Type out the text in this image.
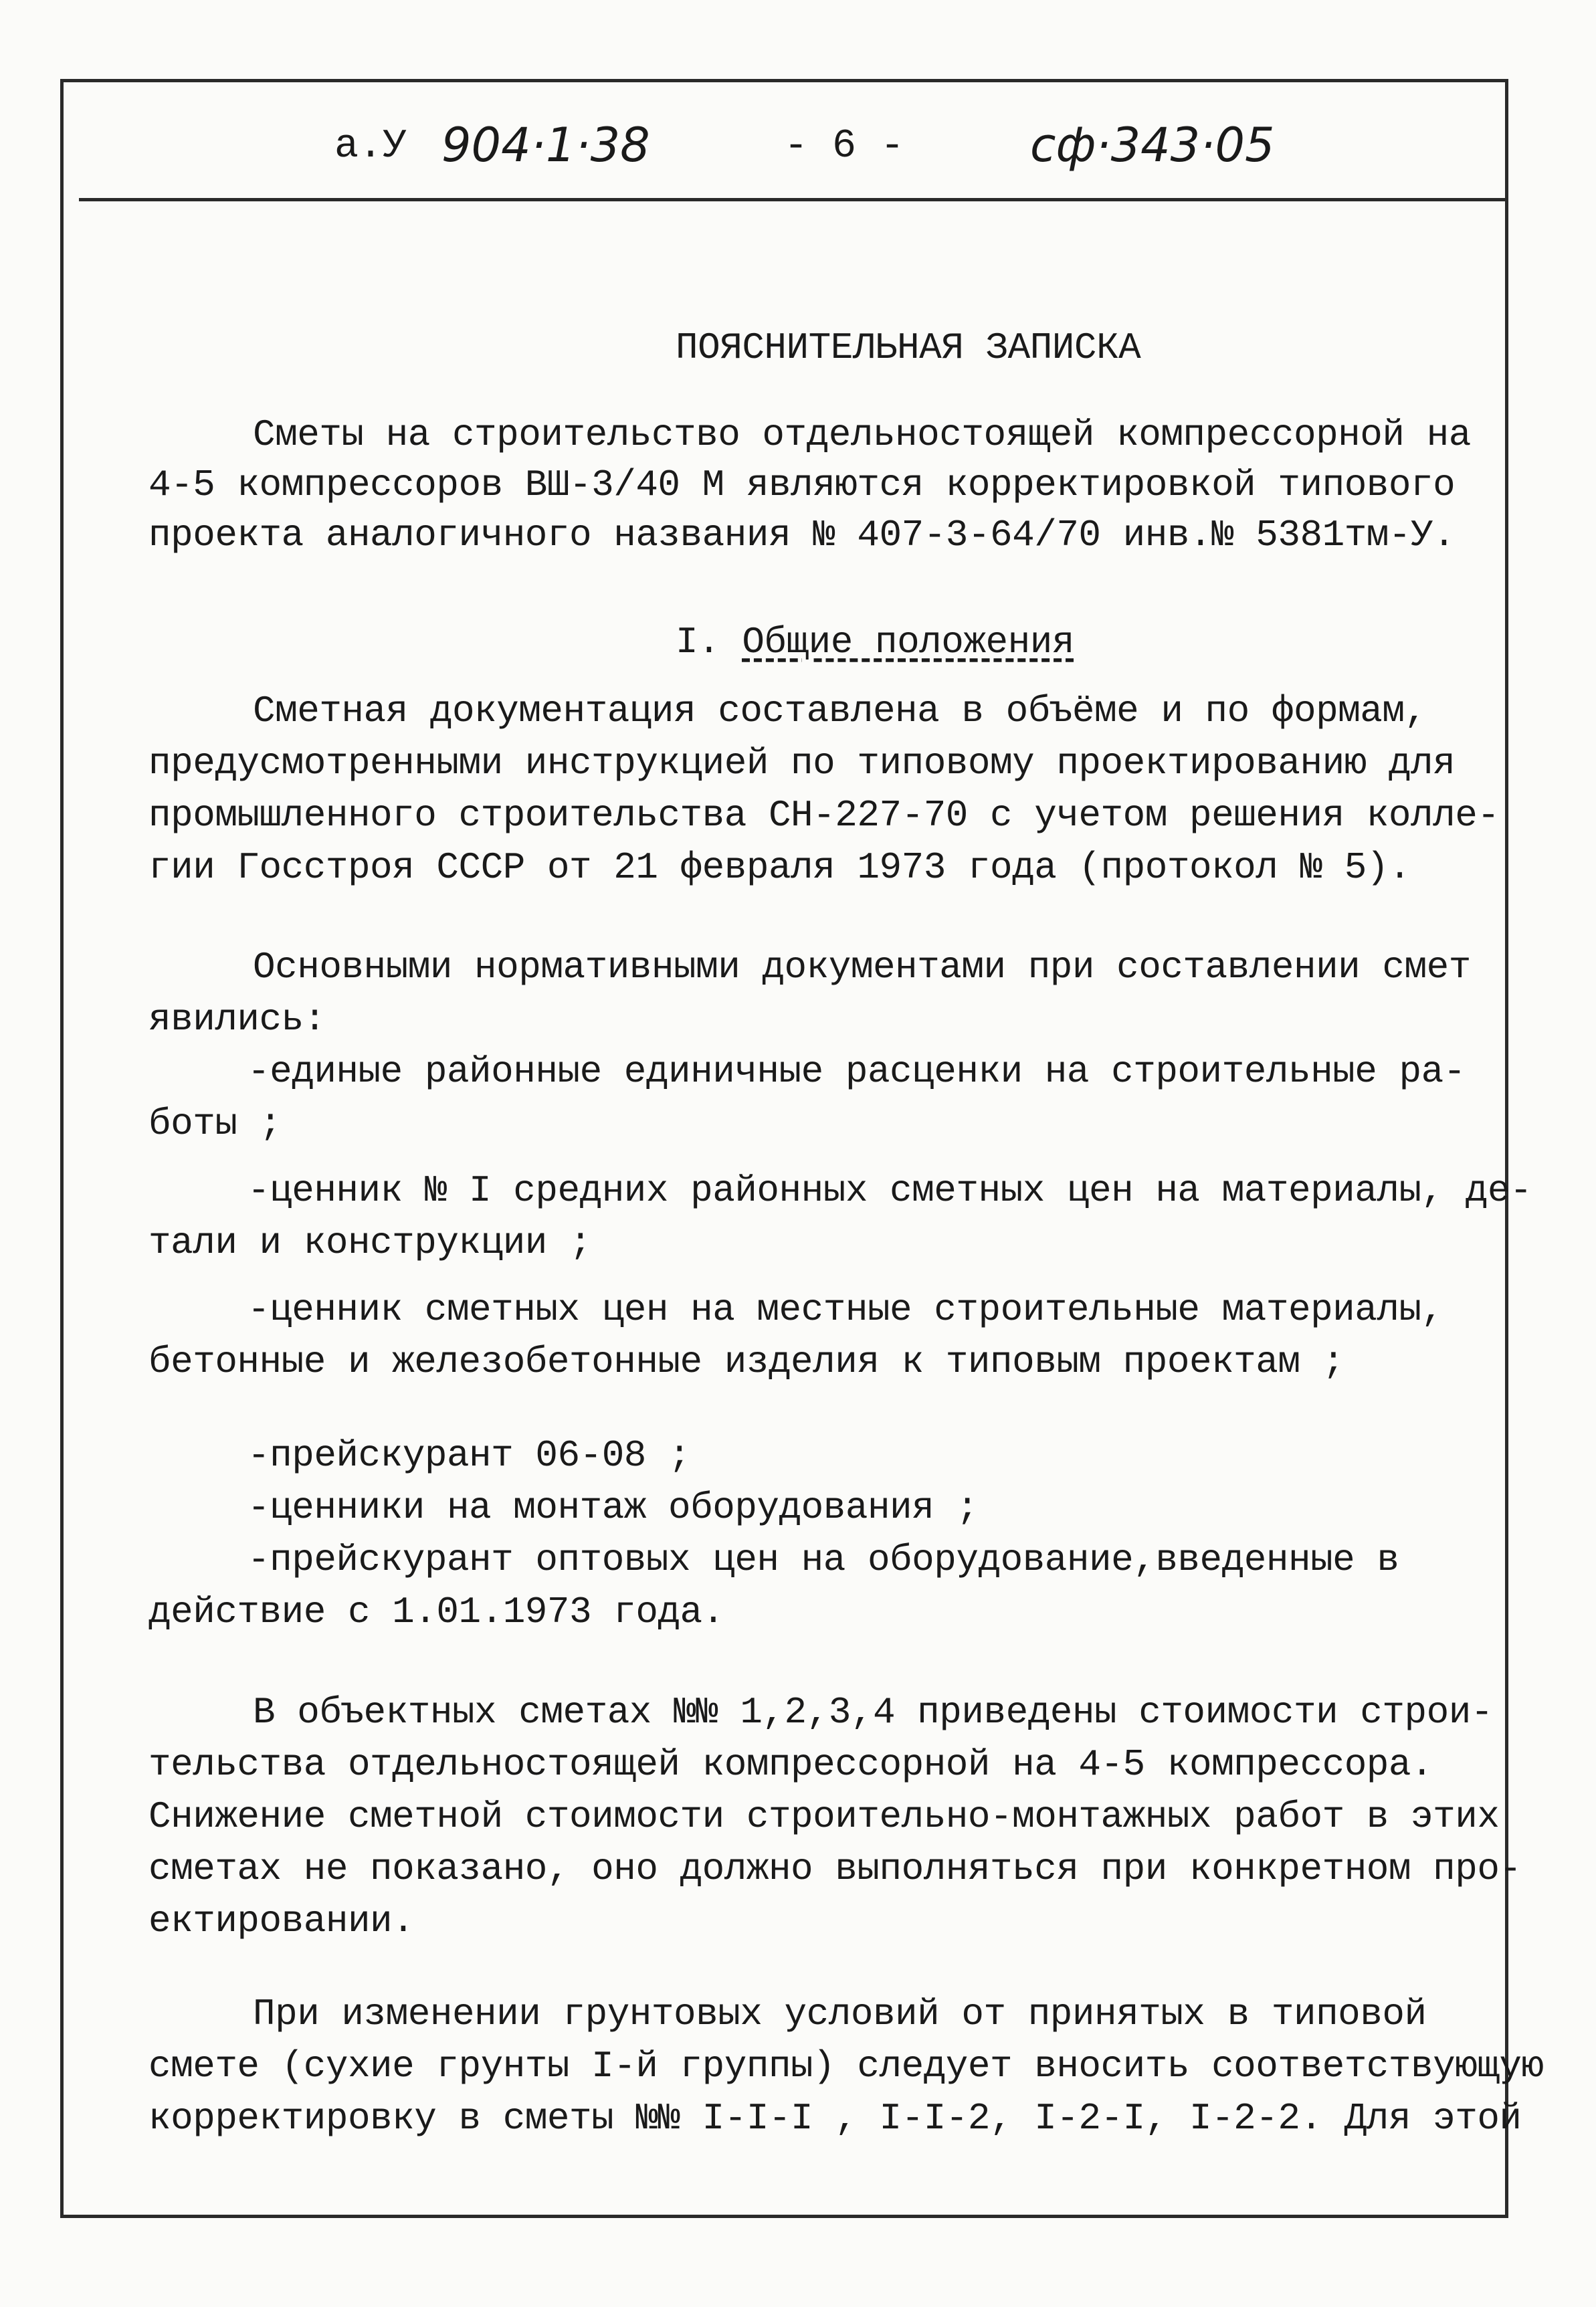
а.У 904·1·38	- 6 -	сф·343·05
ПОЯСНИТЕЛЬНАЯ ЗАПИСКА
Сметы на строительство отдельностоящей компрессорной на
4-5 компрессоров ВШ-3/40 М являются корректировкой типового
проекта аналогичного названия № 407-3-64/70 инв.№ 5381тм-У.
I. Общие положения
Сметная документация составлена в объёме и по формам,
предусмотренными инструкцией по типовому проектированию для
промышленного строительства СН-227-70 с учетом решения колле-
гии Госстроя СССР от 21 февраля 1973 года (протокол № 5).
Основными нормативными документами при составлении смет
явились:
-единые районные единичные расценки на строительные ра-
боты ;
-ценник № I средних районных сметных цен на материалы, де-
тали и конструкции ;
-ценник сметных цен на местные строительные материалы,
бетонные и железобетонные изделия к типовым проектам ;
-прейскурант 06-08 ;
-ценники на монтаж оборудования ;
-прейскурант оптовых цен на оборудование,введенные в
действие с 1.01.1973 года.
В объектных сметах №№ 1,2,3,4 приведены стоимости строи-
тельства отдельностоящей компрессорной на 4-5 компрессора.
Снижение сметной стоимости строительно-монтажных работ в этих
сметах не показано, оно должно выполняться при конкретном про-
ектировании.
При изменении грунтовых условий от принятых в типовой
смете (сухие грунты I-й группы) следует вносить соответствующую
корректировку в сметы №№ I-I-I , I-I-2, I-2-I, I-2-2. Для этой
